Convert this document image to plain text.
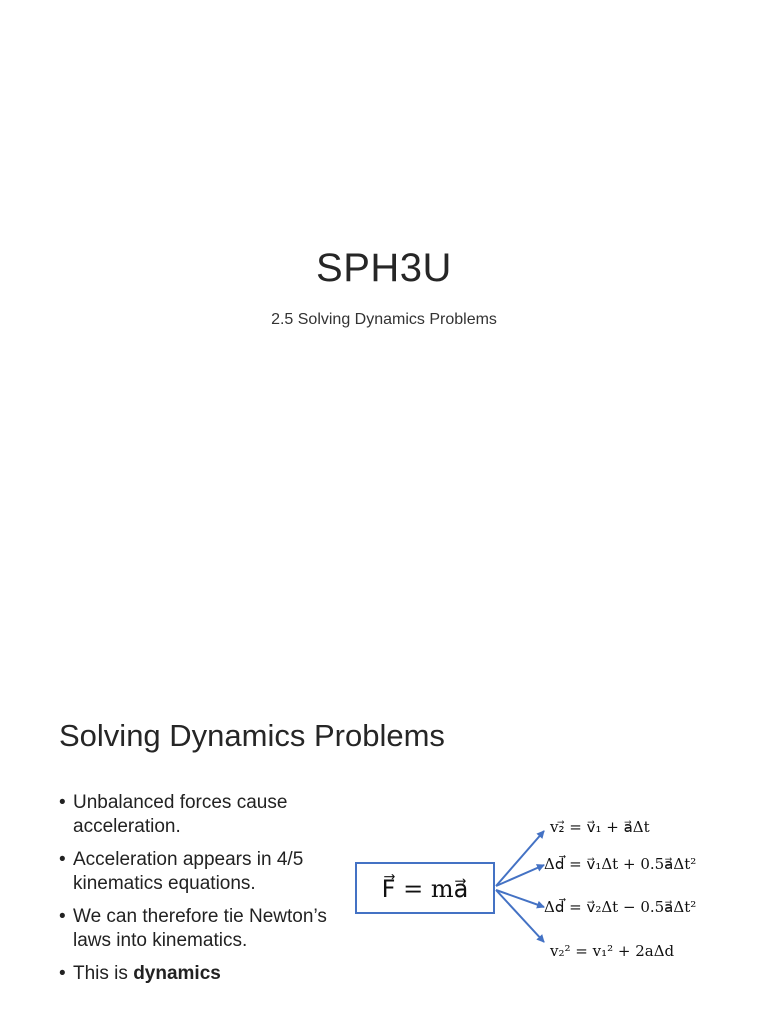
SPH3U
2.5 Solving Dynamics Problems
Solving Dynamics Problems
• Unbalanced forces cause acceleration.
• Acceleration appears in 4/5 kinematics equations.
• We can therefore tie Newton’s laws into kinematics.
• This is dynamics
F⃗ = ma⃗
v₂⃗ = v⃗₁ + a⃗Δt
Δd⃗ = v⃗₁Δt + 0.5a⃗Δt²
Δd⃗ = v⃗₂Δt − 0.5a⃗Δt²
v₂² = v₁² + 2aΔd
